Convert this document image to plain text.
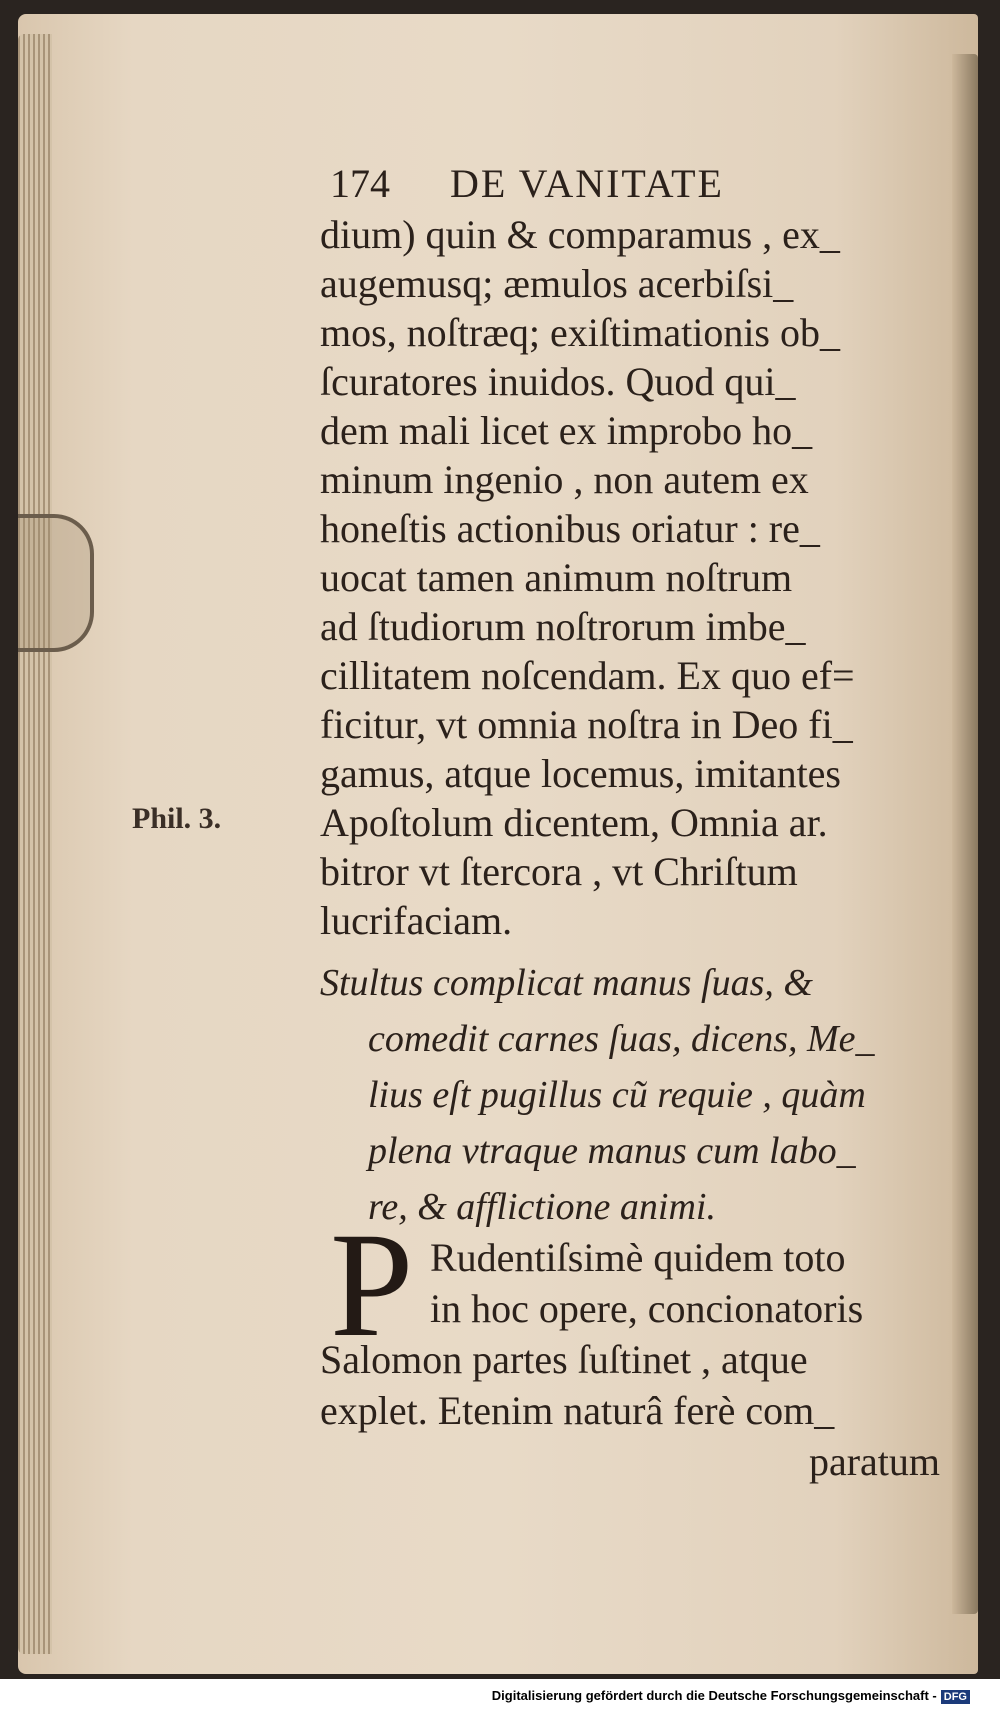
174 DE VANITATE
Phil. 3.
dium) quin & comparamus , ex_
augemusq; æmulos acerbiſsi_
mos, noſtræq; exiſtimationis ob_
ſcuratores inuidos. Quod qui_
dem mali licet ex improbo ho_
minum ingenio , non autem ex
honeſtis actionibus oriatur : re_
uocat tamen animum noſtrum
ad ſtudiorum noſtrorum imbe_
cillitatem noſcendam. Ex quo ef=
ficitur, vt omnia noſtra in Deo fi_
gamus, atque locemus, imitantes
Apoſtolum dicentem, Omnia ar.
bitror vt ſtercora , vt Chriſtum
lucrifaciam.
Stultus complicat manus ſuas, &
comedit carnes ſuas, dicens, Me_
lius eſt pugillus cũ requie , quàm
plena vtraque manus cum labo_
re, & afflictione animi.
P Rudentiſsimè quidem toto
in hoc opere, concionatoris
Salomon partes ſuſtinet , atque
explet. Etenim naturâ ferè com_
paratum
Digitalisierung gefördert durch die Deutsche Forschungsgemeinschaft - DFG
